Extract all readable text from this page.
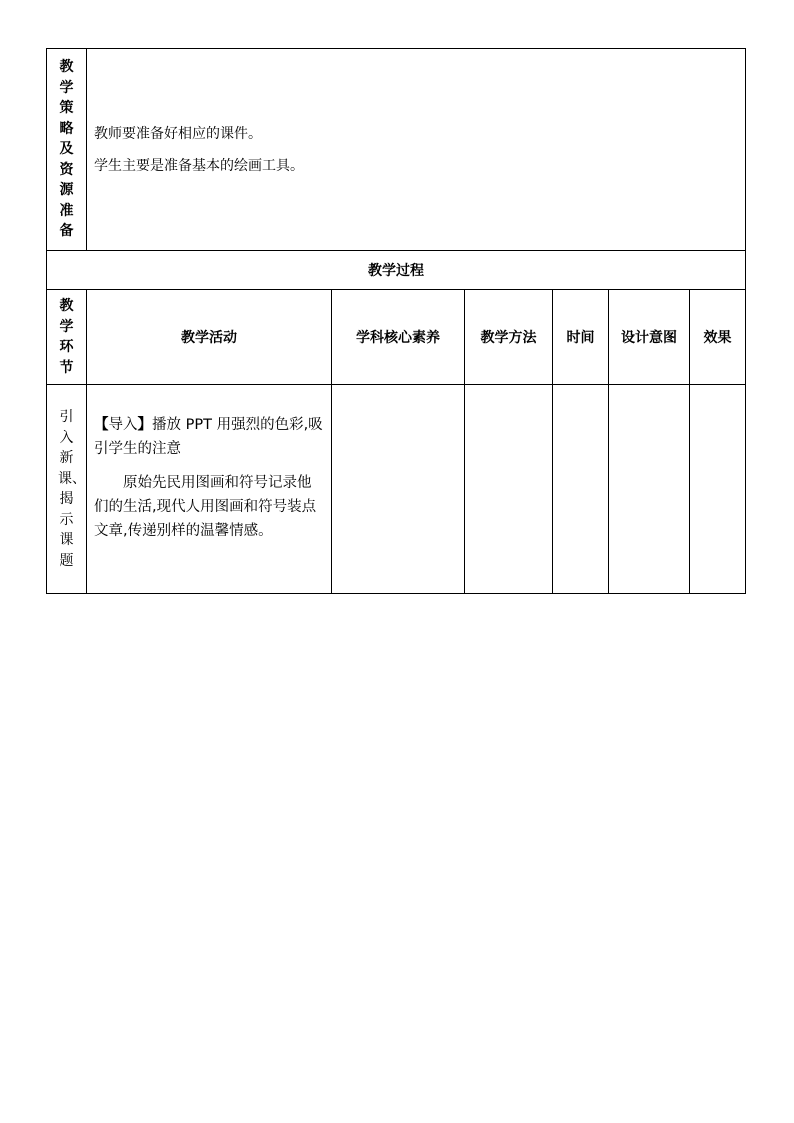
教学策略及资源准备	教师要准备好相应的课件。

学生主要是准备基本的绘画工具。					

教学过程						
教学环节	教学活动	学科核心素养	教学方法	时间	设计意图	效果
引入新课、揭示课题	【导入】播放 PPT 用强烈的色彩,吸引学生的注意

原始先民用图画和符号记录他们的生活,现代人用图画和符号装点文章,传递别样的温馨情感。					
